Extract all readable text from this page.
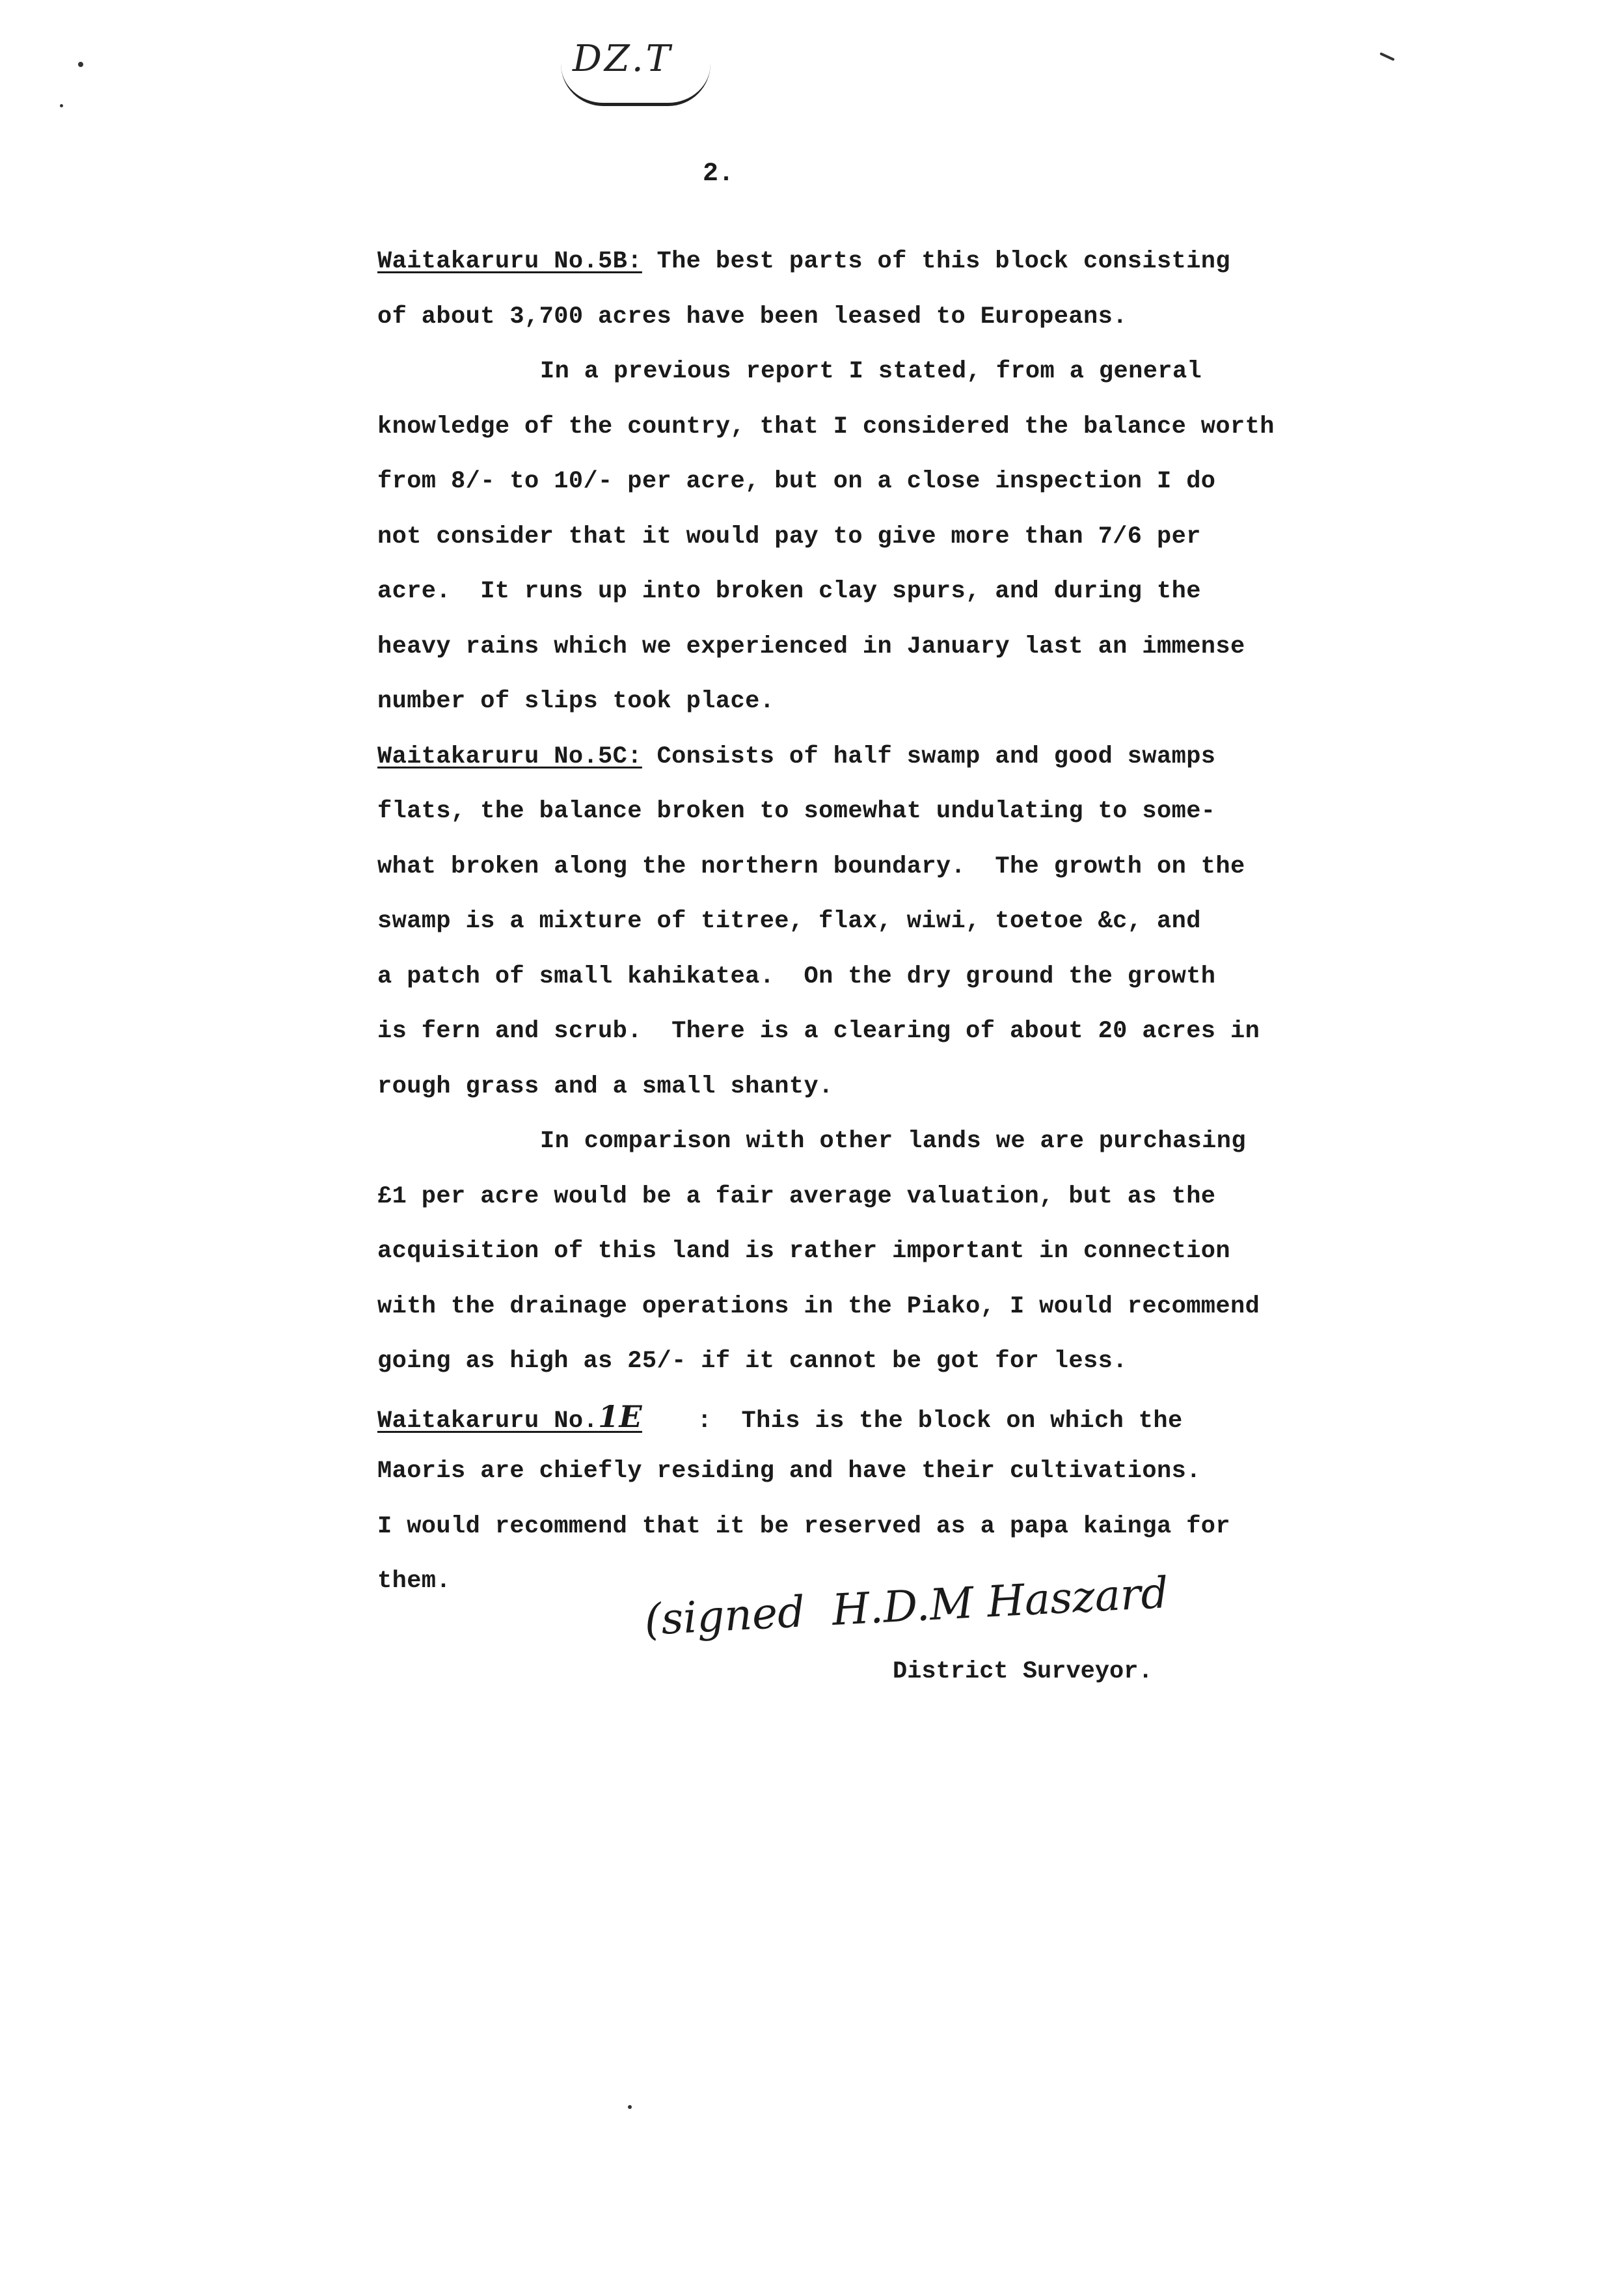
DZ.T
2.
Waitakaruru No.5B: The best parts of this block consisting
of about 3,700 acres have been leased to Europeans.
In a previous report I stated, from a general
knowledge of the country, that I considered the balance worth
from 8/- to 10/- per acre, but on a close inspection I do
not consider that it would pay to give more than 7/6 per
acre.  It runs up into broken clay spurs, and during the
heavy rains which we experienced in January last an immense
number of slips took place.
Waitakaruru No.5C: Consists of half swamp and good swamps
flats, the balance broken to somewhat undulating to some-
what broken along the northern boundary.  The growth on the
swamp is a mixture of titree, flax, wiwi, toetoe &c, and
a patch of small kahikatea.  On the dry ground the growth
is fern and scrub.  There is a clearing of about 20 acres in
rough grass and a small shanty.
In comparison with other lands we are purchasing
£1 per acre would be a fair average valuation, but as the
acquisition of this land is rather important in connection
with the drainage operations in the Piako, I would recommend
going as high as 25/- if it cannot be got for less.
Waitakaruru No.1E :  This is the block on which the
Maoris are chiefly residing and have their cultivations.
I would recommend that it be reserved as a papa kainga for
them.	(signed  H.D.M Haszard
District Surveyor.
